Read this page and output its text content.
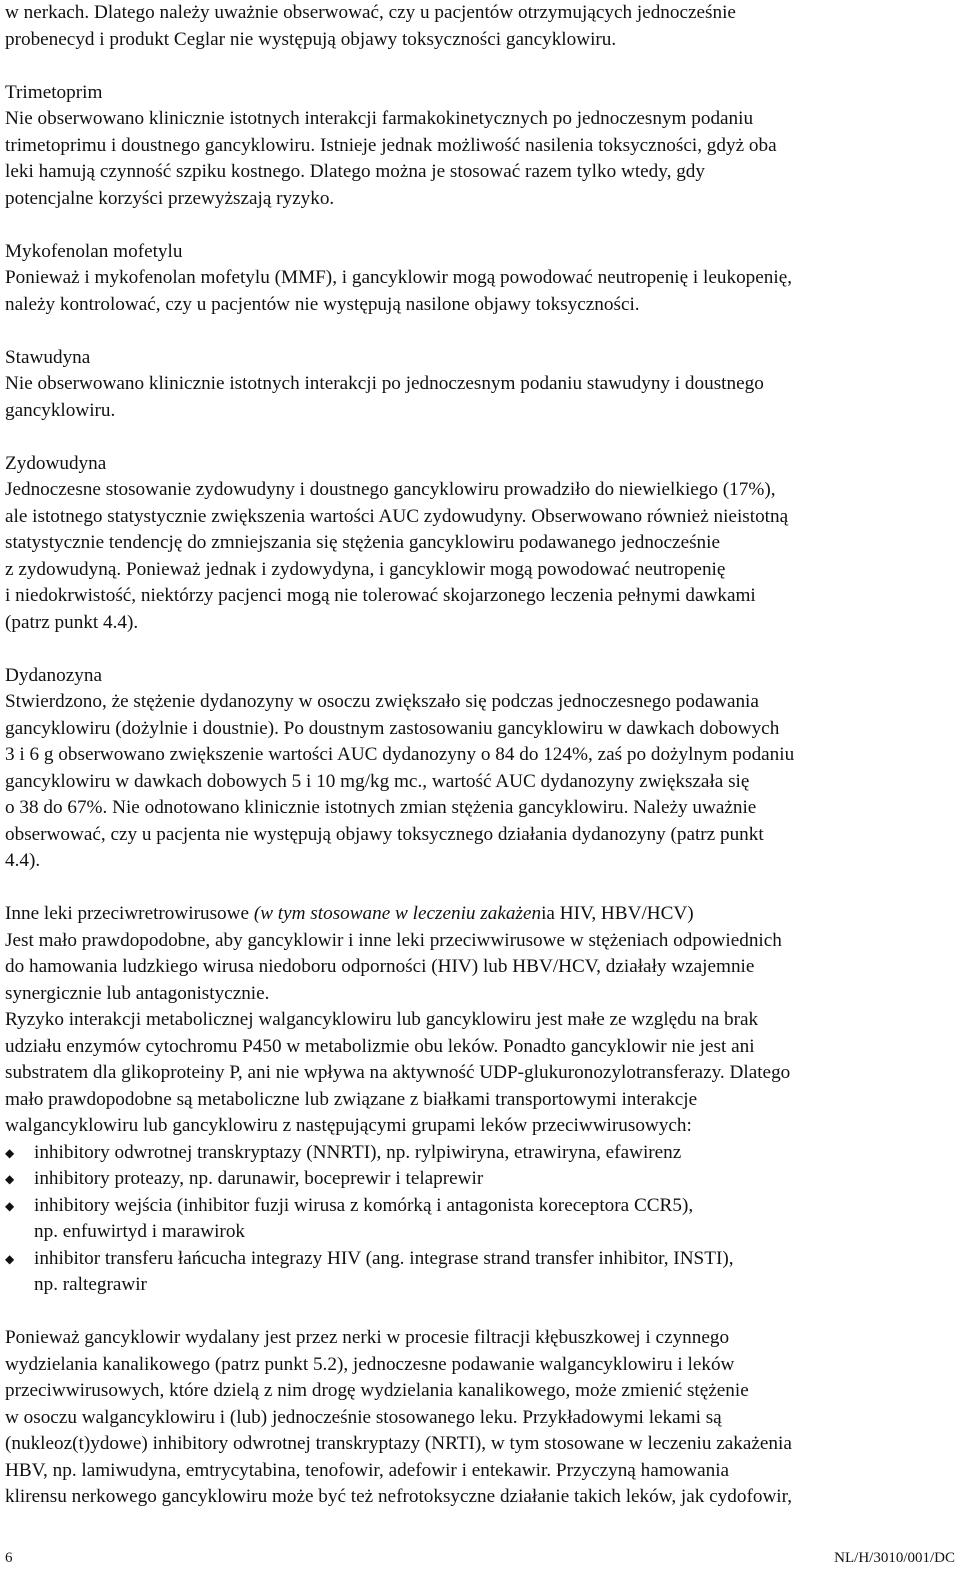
w nerkach. Dlatego należy uważnie obserwować, czy u pacjentów otrzymujących jednocześnie
probenecyd i produkt Ceglar nie występują objawy toksyczności gancyklowiru.
Trimetoprim
Nie obserwowano klinicznie istotnych interakcji farmakokinetycznych po jednoczesnym podaniu
trimetoprimu i doustnego gancyklowiru. Istnieje jednak możliwość nasilenia toksyczności, gdyż oba
leki hamują czynność szpiku kostnego. Dlatego można je stosować razem tylko wtedy, gdy
potencjalne korzyści przewyższają ryzyko.
Mykofenolan mofetylu
Ponieważ i mykofenolan mofetylu (MMF), i gancyklowir mogą powodować neutropenię i leukopenię,
należy kontrolować, czy u pacjentów nie występują nasilone objawy toksyczności.
Stawudyna
Nie obserwowano klinicznie istotnych interakcji po jednoczesnym podaniu stawudyny i doustnego
gancyklowiru.
Zydowudyna
Jednoczesne stosowanie zydowudyny i doustnego gancyklowiru prowadziło do niewielkiego (17%),
ale istotnego statystycznie zwiększenia wartości AUC zydowudyny. Obserwowano również nieistotną
statystycznie tendencję do zmniejszania się stężenia gancyklowiru podawanego jednocześnie
z zydowudyną. Ponieważ jednak i zydowydyna, i gancyklowir mogą powodować neutropenię
i niedokrwistość, niektórzy pacjenci mogą nie tolerować skojarzonego leczenia pełnymi dawkami
(patrz punkt 4.4).
Dydanozyna
Stwierdzono, że stężenie dydanozyny w osoczu zwiększało się podczas jednoczesnego podawania
gancyklowiru (dożylnie i doustnie). Po doustnym zastosowaniu gancyklowiru w dawkach dobowych
3 i 6 g obserwowano zwiększenie wartości AUC dydanozyny o 84 do 124%, zaś po dożylnym podaniu
gancyklowiru w dawkach dobowych 5 i 10 mg/kg mc., wartość AUC dydanozyny zwiększała się
o 38 do 67%. Nie odnotowano klinicznie istotnych zmian stężenia gancyklowiru. Należy uważnie
obserwować, czy u pacjenta nie występują objawy toksycznego działania dydanozyny (patrz punkt
4.4).
Inne leki przeciwretrowirusowe (w tym stosowane w leczeniu zakażenia HIV, HBV/HCV)
Jest mało prawdopodobne, aby gancyklowir i inne leki przeciwwirusowe w stężeniach odpowiednich
do hamowania ludzkiego wirusa niedoboru odporności (HIV) lub HBV/HCV, działały wzajemnie
synergicznie lub antagonistycznie.
Ryzyko interakcji metabolicznej walgancyklowiru lub gancyklowiru jest małe ze względu na brak
udziału enzymów cytochromu P450 w metabolizmie obu leków. Ponadto gancyklowir nie jest ani
substratem dla glikoproteiny P, ani nie wpływa na aktywność UDP-glukuronozylotransferazy. Dlatego
mało prawdopodobne są metaboliczne lub związane z białkami transportowymi interakcje
walgancyklowiru lub gancyklowiru z następującymi grupami leków przeciwwirusowych:
◆ inhibitory odwrotnej transkryptazy (NNRTI), np. rylpiwiryna, etrawiryna, efawirenz
◆ inhibitory proteazy, np. darunawir, boceprewir i telaprewir
◆ inhibitory wejścia (inhibitor fuzji wirusa z komórką i antagonista koreceptora CCR5),
np. enfuwirtyd i marawirok
◆ inhibitor transferu łańcucha integrazy HIV (ang. integrase strand transfer inhibitor, INSTI),
np. raltegrawir
Ponieważ gancyklowir wydalany jest przez nerki w procesie filtracji kłębuszkowej i czynnego
wydzielania kanalikowego (patrz punkt 5.2), jednoczesne podawanie walgancyklowiru i leków
przeciwwirusowych, które dzielą z nim drogę wydzielania kanalikowego, może zmienić stężenie
w osoczu walgancyklowiru i (lub) jednocześnie stosowanego leku. Przykładowymi lekami są
(nukleoz(t)ydowe) inhibitory odwrotnej transkryptazy (NRTI), w tym stosowane w leczeniu zakażenia
HBV, np. lamiwudyna, emtrycytabina, tenofowir, adefowir i entekawir. Przyczyną hamowania
klirensu nerkowego gancyklowiru może być też nefrotoksyczne działanie takich leków, jak cydofowir,
6	NL/H/3010/001/DC
